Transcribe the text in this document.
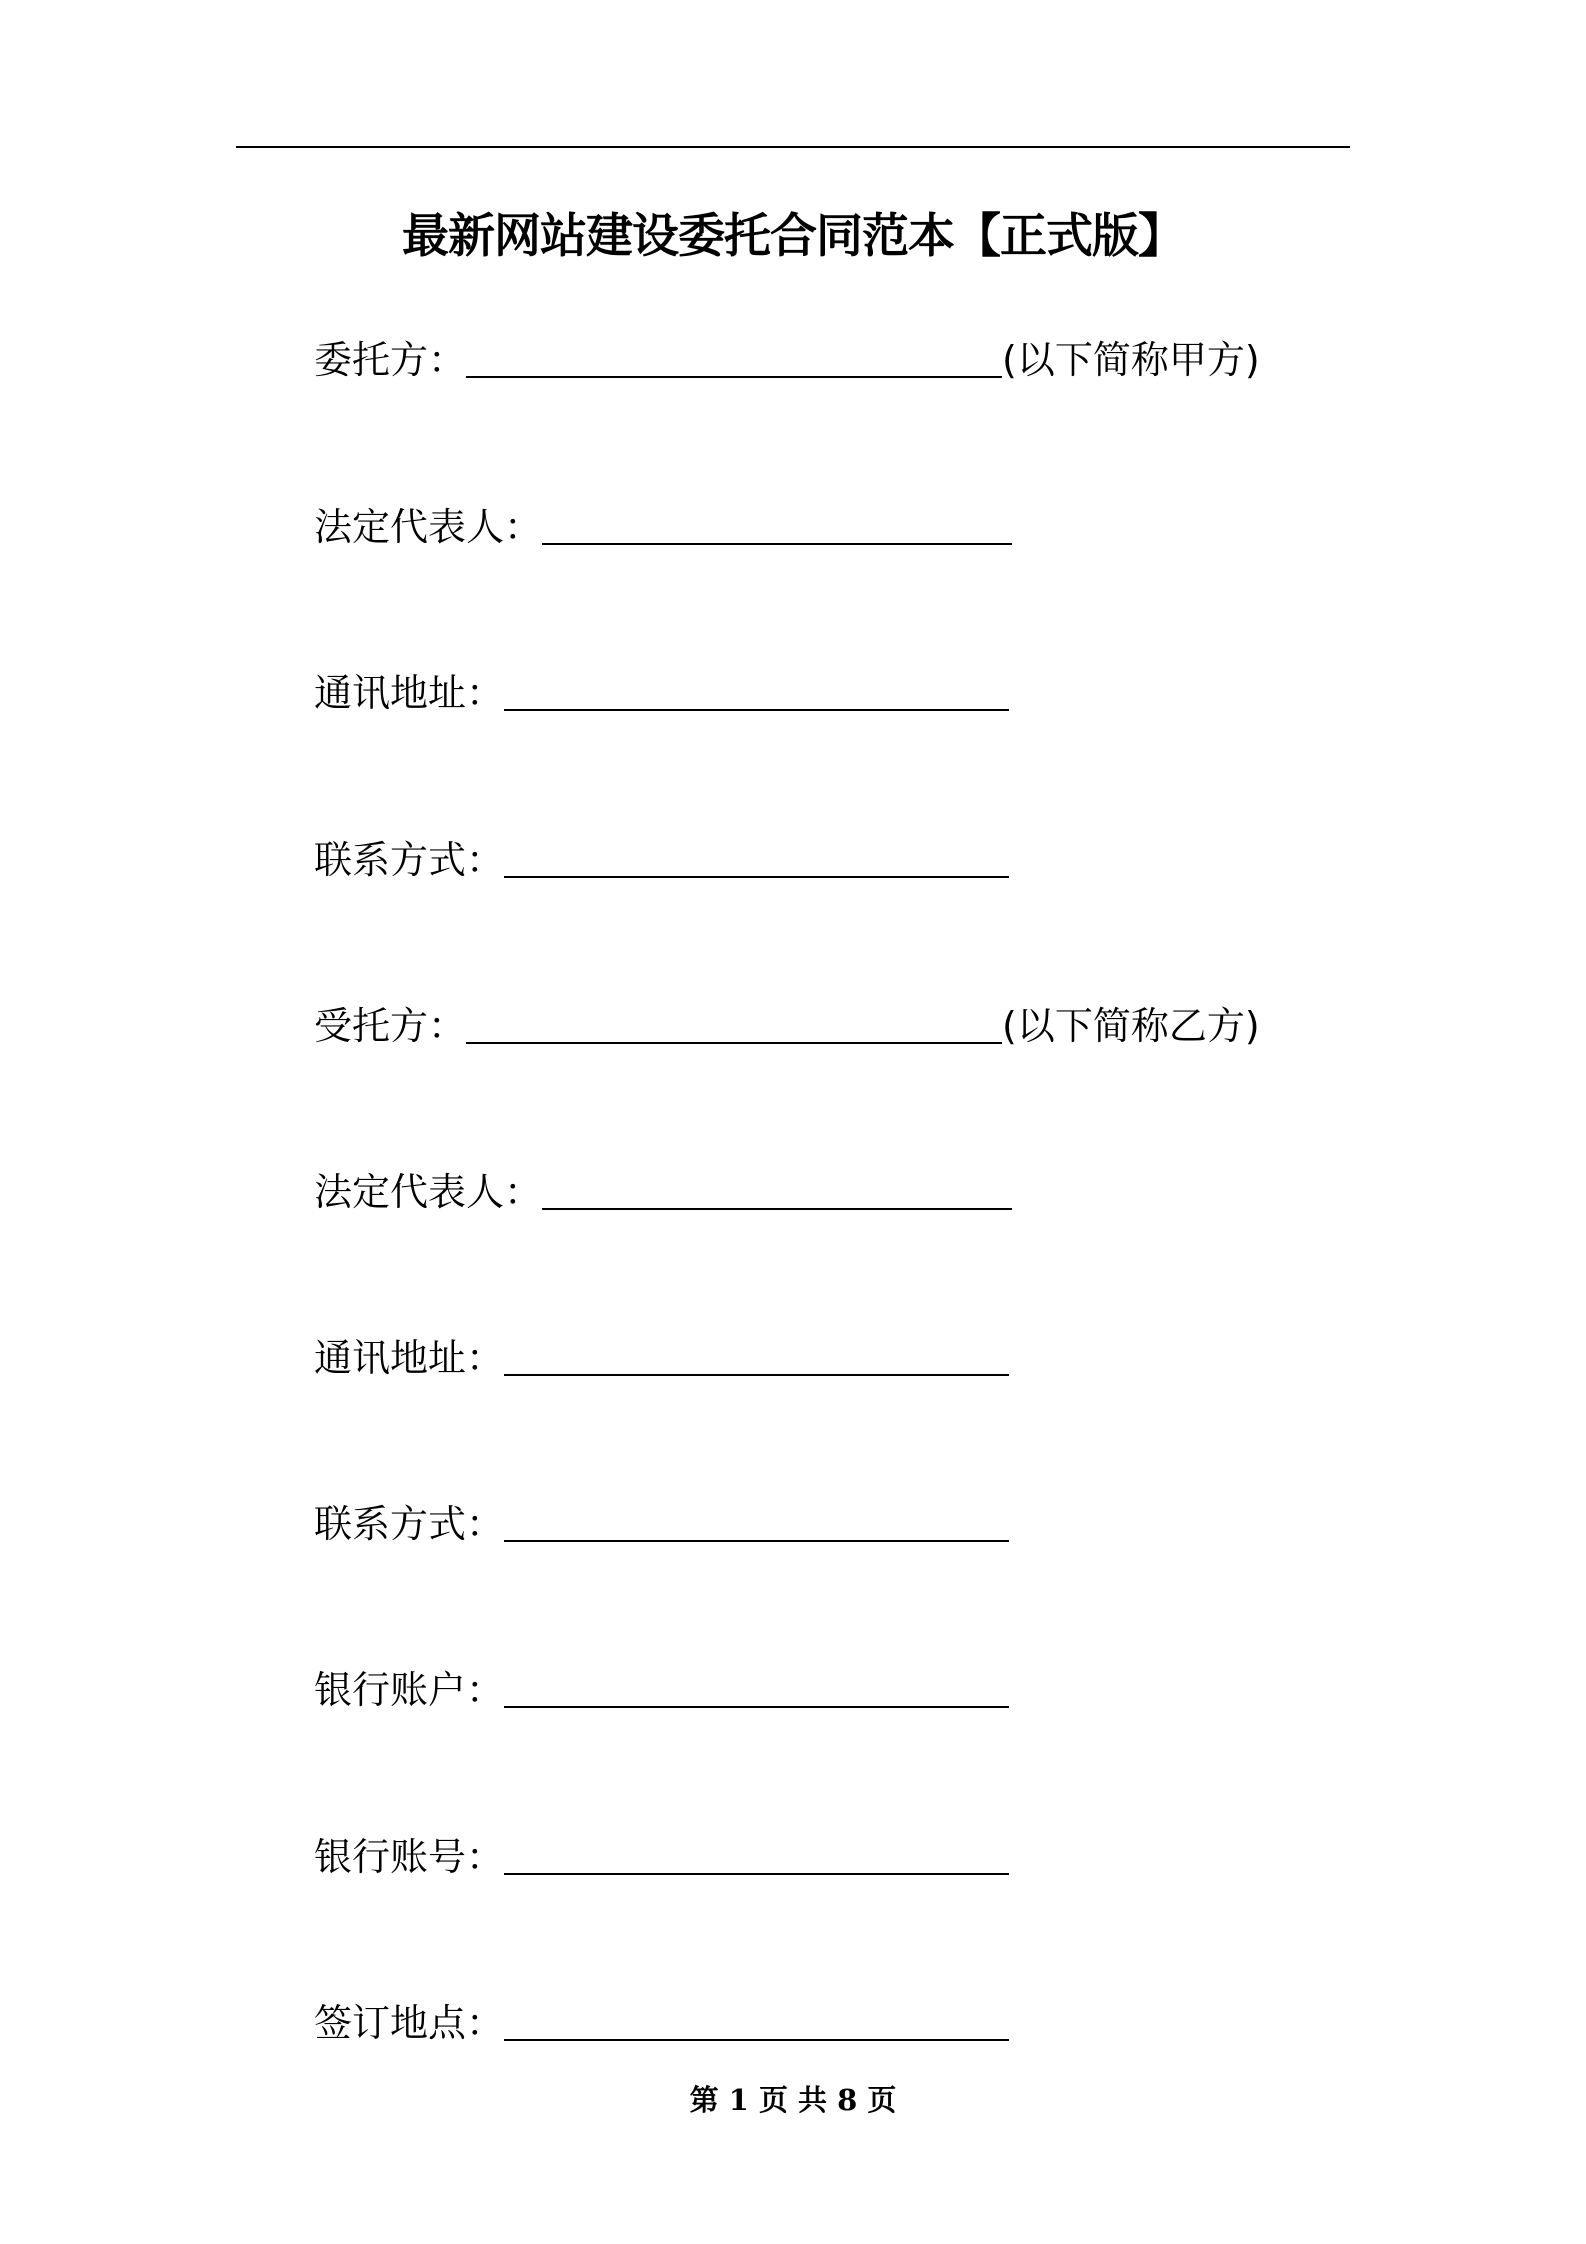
最新网站建设委托合同范本【正式版】
委托方：	(以下简称甲方)
法定代表人：
通讯地址：
联系方式：
受托方：	(以下简称乙方)
法定代表人：
通讯地址：
联系方式：
银行账户：
银行账号：
签订地点：
第 1 页 共 8 页
